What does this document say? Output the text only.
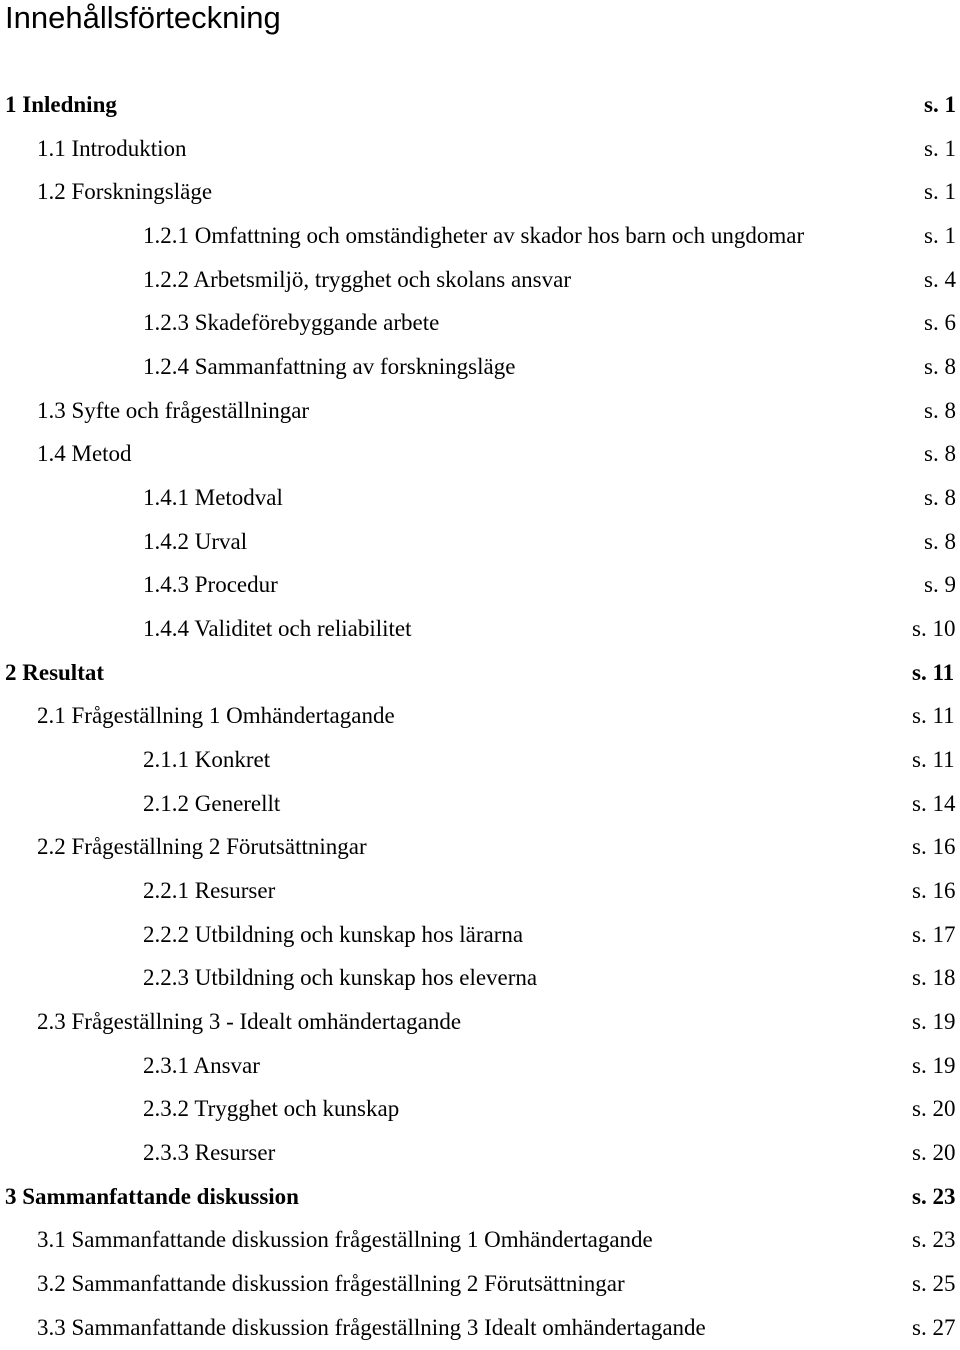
Innehållsförteckning
1 Inledning	s. 1
1.1 Introduktion	s. 1
1.2 Forskningsläge	s. 1
1.2.1 Omfattning och omständigheter av skador hos barn och ungdomar	s. 1
1.2.2 Arbetsmiljö, trygghet och skolans ansvar	s. 4
1.2.3 Skadeförebyggande arbete	s. 6
1.2.4 Sammanfattning av forskningsläge	s. 8
1.3 Syfte och frågeställningar	s. 8
1.4 Metod	s. 8
1.4.1 Metodval	s. 8
1.4.2 Urval	s. 8
1.4.3 Procedur	s. 9
1.4.4 Validitet och reliabilitet	s. 10
2 Resultat	s. 11
2.1 Frågeställning 1 Omhändertagande	s. 11
2.1.1 Konkret	s. 11
2.1.2 Generellt	s. 14
2.2 Frågeställning 2 Förutsättningar	s. 16
2.2.1 Resurser	s. 16
2.2.2 Utbildning och kunskap hos lärarna	s. 17
2.2.3 Utbildning och kunskap hos eleverna	s. 18
2.3 Frågeställning 3 - Idealt omhändertagande	s. 19
2.3.1 Ansvar	s. 19
2.3.2 Trygghet och kunskap	s. 20
2.3.3 Resurser	s. 20
3 Sammanfattande diskussion	s. 23
3.1 Sammanfattande diskussion frågeställning 1 Omhändertagande	s. 23
3.2 Sammanfattande diskussion frågeställning 2 Förutsättningar	s. 25
3.3 Sammanfattande diskussion frågeställning 3 Idealt omhändertagande	s. 27
